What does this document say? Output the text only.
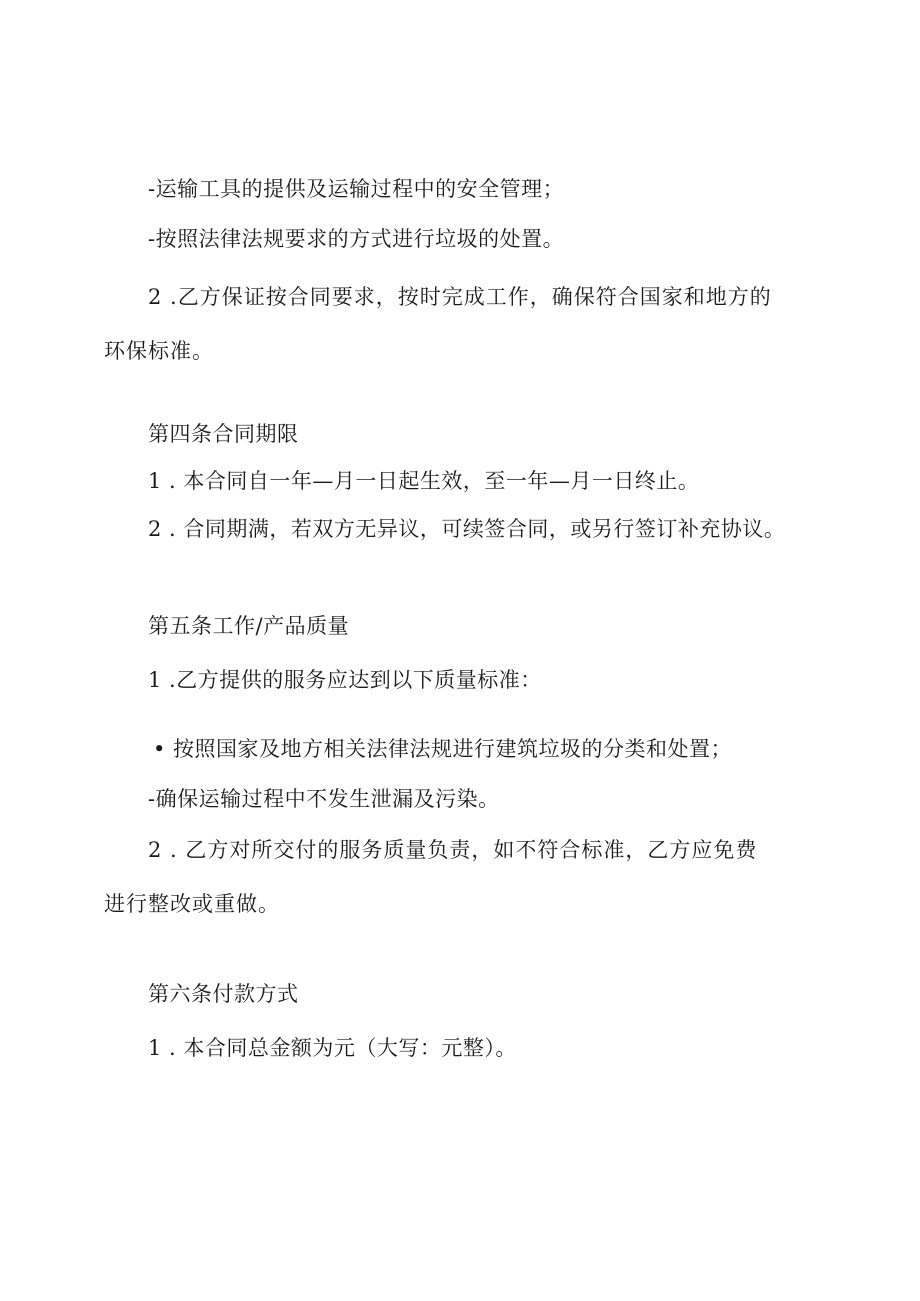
-运输工具的提供及运输过程中的安全管理；
-按照法律法规要求的方式进行垃圾的处置。
2 .乙方保证按合同要求，按时完成工作，确保符合国家和地方的环保标准。
第四条合同期限
1 . 本合同自一年—月一日起生效，至一年—月一日终止。
2 . 合同期满，若双方无异议，可续签合同，或另行签订补充协议。
第五条工作/产品质量
1 .乙方提供的服务应达到以下质量标准：
• 按照国家及地方相关法律法规进行建筑垃圾的分类和处置；
-确保运输过程中不发生泄漏及污染。
2 . 乙方对所交付的服务质量负责，如不符合标准，乙方应免费进行整改或重做。
第六条付款方式
1 . 本合同总金额为元（大写：元整）。
